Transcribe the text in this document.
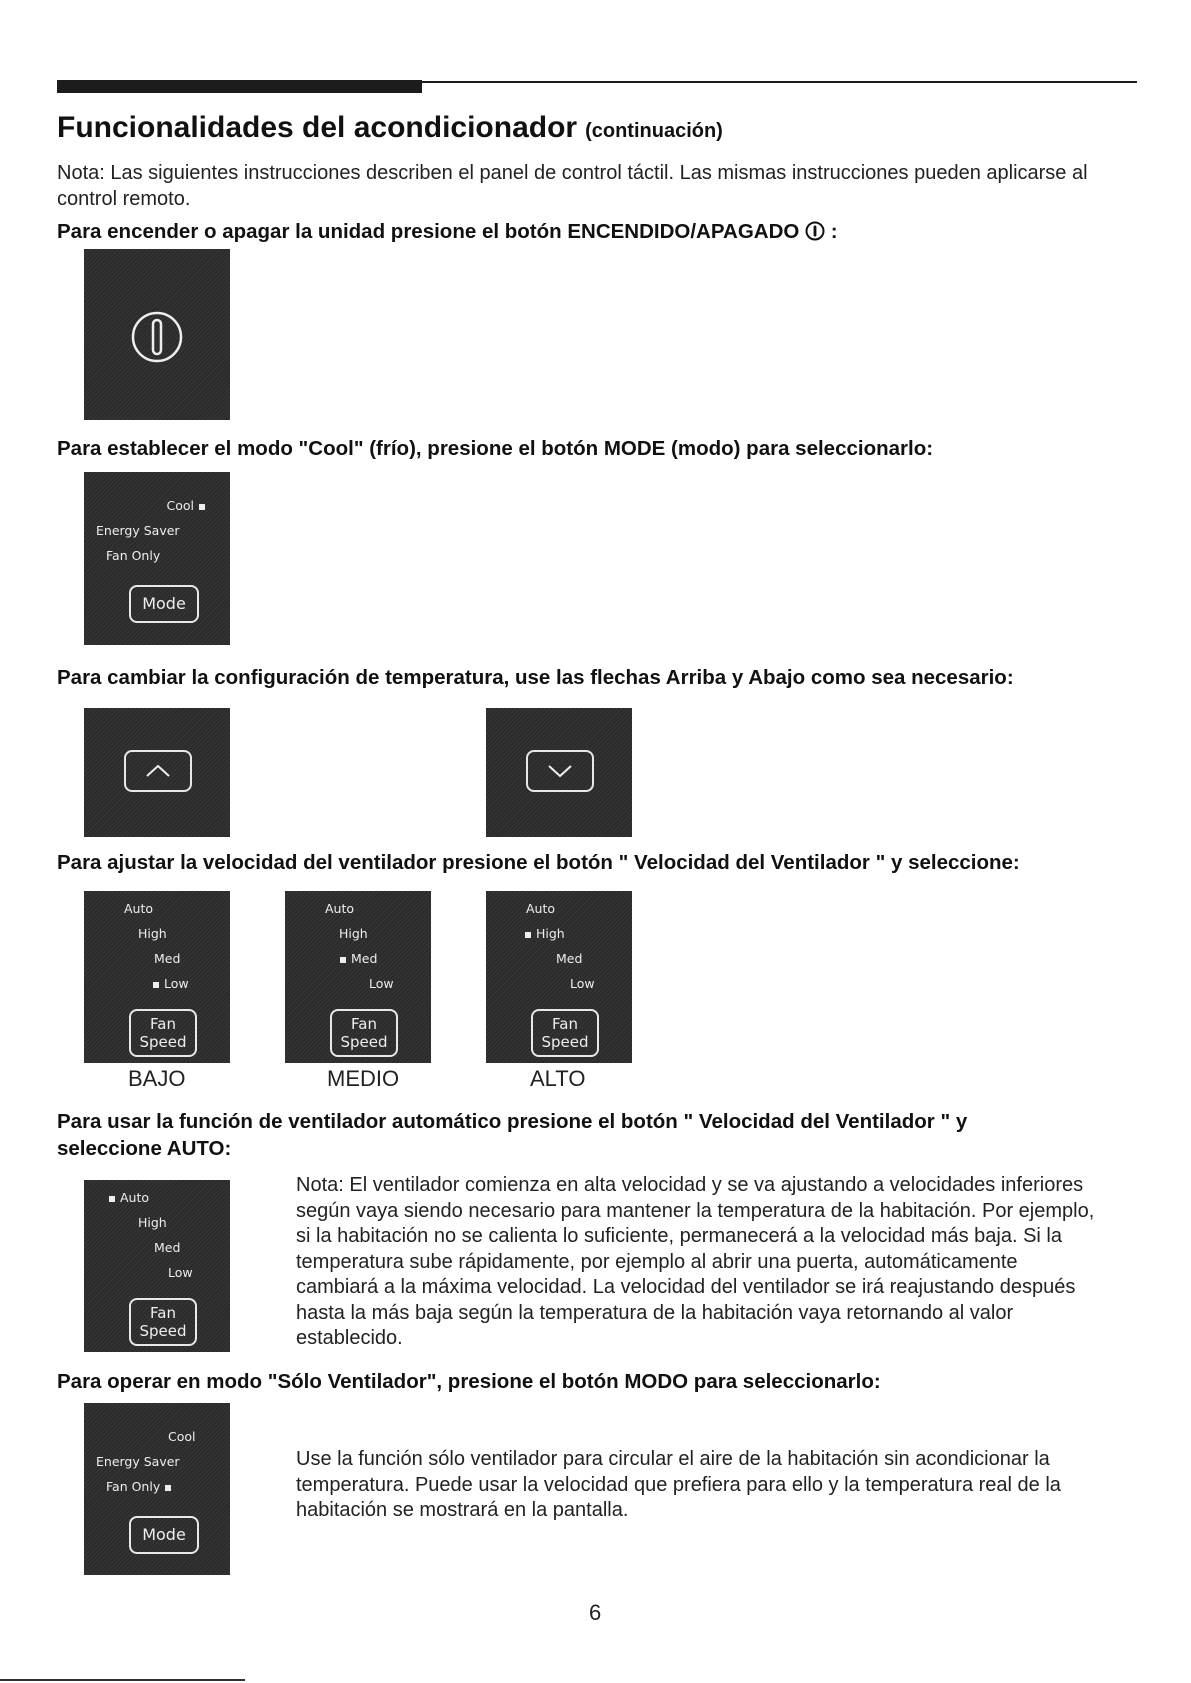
Funcionalidades del acondicionador (continuación)
Nota: Las siguientes instrucciones describen el panel de control táctil. Las mismas instrucciones pueden aplicarse al control remoto.
Para encender o apagar la unidad presione el botón ENCENDIDO/APAGADO :
Para establecer el modo "Cool" (frío), presione el botón MODE (modo) para seleccionarlo:
Cool
Energy Saver
Fan Only
Mode
Para cambiar la configuración de temperatura, use las flechas Arriba y Abajo como sea necesario:
Para ajustar la velocidad del ventilador presione el botón " Velocidad del Ventilador " y seleccione:
Auto
High
Med
Low
Fan
Speed
Auto
High
Med
Low
Fan
Speed
Auto
High
Med
Low
Fan
Speed
BAJO	MEDIO	ALTO
Para usar la función de ventilador automático presione el botón " Velocidad del Ventilador " y seleccione AUTO:
Auto
High
Med
Low
Fan
Speed
Nota: El ventilador comienza en alta velocidad y se va ajustando a velocidades inferiores según vaya siendo necesario para mantener la temperatura de la habitación. Por ejemplo, si la habitación no se calienta lo suficiente, permanecerá a la velocidad más baja. Si la temperatura sube rápidamente, por ejemplo al abrir una puerta, automáticamente cambiará a la máxima velocidad. La velocidad del ventilador se irá reajustando después hasta la más baja según la temperatura de la habitación vaya retornando al valor establecido.
Para operar en modo "Sólo Ventilador", presione el botón MODO para seleccionarlo:
Cool
Energy Saver
Fan Only
Mode
Use la función sólo ventilador para circular el aire de la habitación sin acondicionar la temperatura. Puede usar la velocidad que prefiera para ello y la temperatura real de la habitación se mostrará en la pantalla.
6
